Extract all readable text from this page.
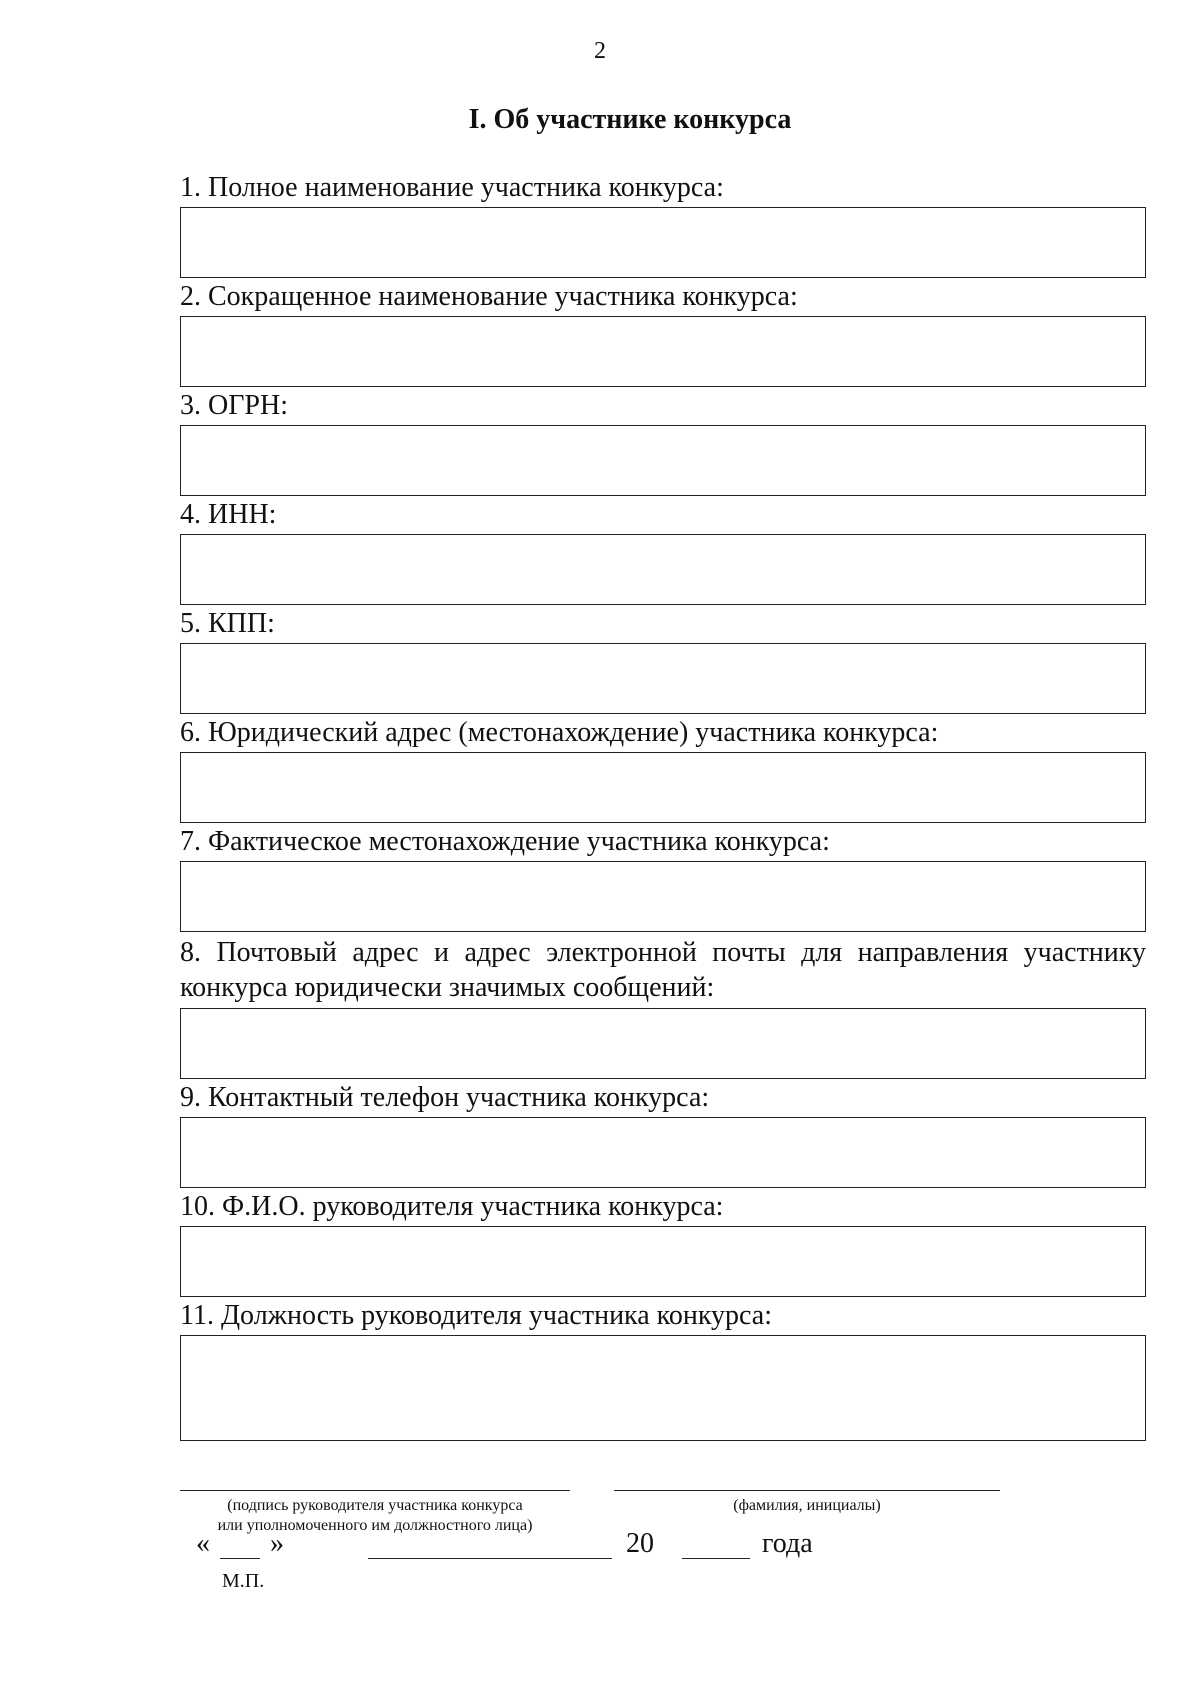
2
I. Об участнике конкурса

1. Полное наименование участника конкурса:

2. Сокращенное наименование участника конкурса:

3. ОГРН:

4. ИНН:

5. КПП:

6. Юридический адрес (местонахождение) участника конкурса:

7. Фактическое местонахождение участника конкурса:

8. Почтовый адрес и адрес электронной почты для направления участнику конкурса юридически значимых сообщений:

9. Контактный телефон участника конкурса:

10. Ф.И.О. руководителя участника конкурса:

11. Должность руководителя участника конкурса:

(подпись руководителя участника конкурса
или уполномоченного им должностного лица)
(фамилия, инициалы)
« »	20	года
М.П.
